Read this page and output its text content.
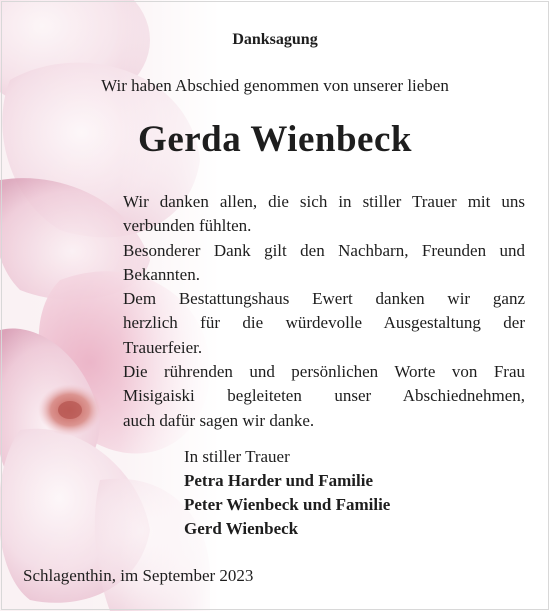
Danksagung
Wir haben Abschied genommen von unserer lieben
Gerda Wienbeck
Wir danken allen, die sich in stiller Trauer mit uns
verbunden fühlten.
Besonderer Dank gilt den Nachbarn, Freunden und
Bekannten.
Dem Bestattungshaus Ewert danken wir ganz
herzlich für die würdevolle Ausgestaltung der
Trauerfeier.
Die rührenden und persönlichen Worte von Frau
Misigaiski begleiteten unser Abschiednehmen,
auch dafür sagen wir danke.
In stiller Trauer
Petra Harder und Familie
Peter Wienbeck und Familie
Gerd Wienbeck
Schlagenthin, im September 2023
